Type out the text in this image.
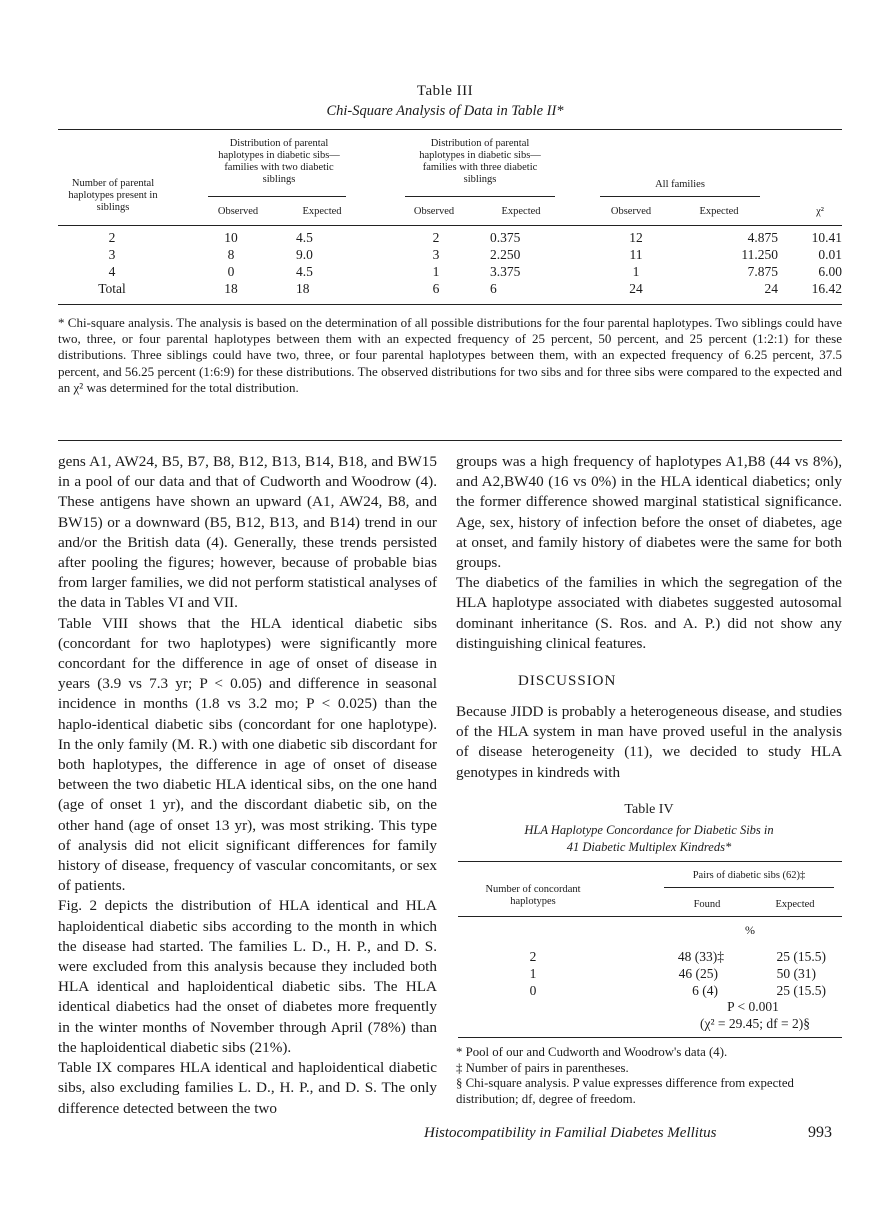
Table III
Chi-Square Analysis of Data in Table II*
Number of parental haplotypes present in siblings
Distribution of parental haplotypes in diabetic sibs—families with two diabetic siblings
Distribution of parental haplotypes in diabetic sibs—families with three diabetic siblings	All families
Observed	Expected	Observed	Expected	Observed	Expected	χ²
2	10	4.5	2	0.375	12	4.875	10.41
3	8	9.0	3	2.250	11	11.250	0.01
4	0	4.5	1	3.375	1	7.875	6.00
Total	18	18	6	6	24	24	16.42
* Chi-square analysis. The analysis is based on the determination of all possible distributions for the four parental haplotypes. Two siblings could have two, three, or four parental haplotypes between them with an expected frequency of 25 percent, 50 percent, and 25 percent (1:2:1) for these distributions. Three siblings could have two, three, or four parental haplotypes between them, with an expected frequency of 6.25 percent, 37.5 percent, and 56.25 percent (1:6:9) for these distributions. The observed distributions for two sibs and for three sibs were compared to the expected and an χ² was determined for the total distribution.

gens A1, AW24, B5, B7, B8, B12, B13, B14, B18, and BW15 in a pool of our data and that of Cudworth and Woodrow (4). These antigens have shown an upward (A1, AW24, B8, and BW15) or a downward (B5, B12, B13, and B14) trend in our and/or the British data (4). Generally, these trends persisted after pooling the figures; however, because of probable bias from larger families, we did not perform statistical analyses of the data in Tables VI and VII.

Table VIII shows that the HLA identical diabetic sibs (concordant for two haplotypes) were significantly more concordant for the difference in age of onset of disease in years (3.9 vs 7.3 yr; P < 0.05) and difference in seasonal incidence in months (1.8 vs 3.2 mo; P < 0.025) than the haplo-identical diabetic sibs (concordant for one haplotype). In the only family (M. R.) with one diabetic sib discordant for both haplotypes, the difference in age of onset of disease between the two diabetic HLA identical sibs, on the one hand (age of onset 1 yr), and the discordant diabetic sib, on the other hand (age of onset 13 yr), was most striking. This type of analysis did not elicit significant differences for family history of disease, frequency of vascular concomitants, or sex of patients.

Fig. 2 depicts the distribution of HLA identical and HLA haploidentical diabetic sibs according to the month in which the disease had started. The families L. D., H. P., and D. S. were excluded from this analysis because they included both HLA identical and haploidentical diabetic sibs. The HLA identical diabetics had the onset of diabetes more frequently in the winter months of November through April (78%) than the haploidentical diabetic sibs (21%).

Table IX compares HLA identical and haploidentical diabetic sibs, also excluding families L. D., H. P., and D. S. The only difference detected between the two

groups was a high frequency of haplotypes A1,B8 (44 vs 8%), and A2,BW40 (16 vs 0%) in the HLA identical diabetics; only the former difference showed marginal statistical significance. Age, sex, history of infection before the onset of diabetes, age at onset, and family history of diabetes were the same for both groups.

The diabetics of the families in which the segregation of the HLA haplotype associated with diabetes suggested autosomal dominant inheritance (S. Ros. and A. P.) did not show any distinguishing clinical features.

DISCUSSION

Because JIDD is probably a heterogeneous disease, and studies of the HLA system in man have proved useful in the analysis of disease heterogeneity (11), we decided to study HLA genotypes in kindreds with

Table IV
HLA Haplotype Concordance for Diabetic Sibs in
41 Diabetic Multiplex Kindreds*
Number of concordant haplotypes
Pairs of diabetic sibs (62)‡
Found	Expected
%
2	48 (33)‡	25 (15.5)
1	46 (25)	50 (31)
0	6 (4)	25 (15.5)
P < 0.001
(χ² = 29.45; df = 2)§
* Pool of our and Cudworth and Woodrow's data (4).
‡ Number of pairs in parentheses.
§ Chi-square analysis. P value expresses difference from expected distribution; df, degree of freedom.
Histocompatibility in Familial Diabetes Mellitus	993
